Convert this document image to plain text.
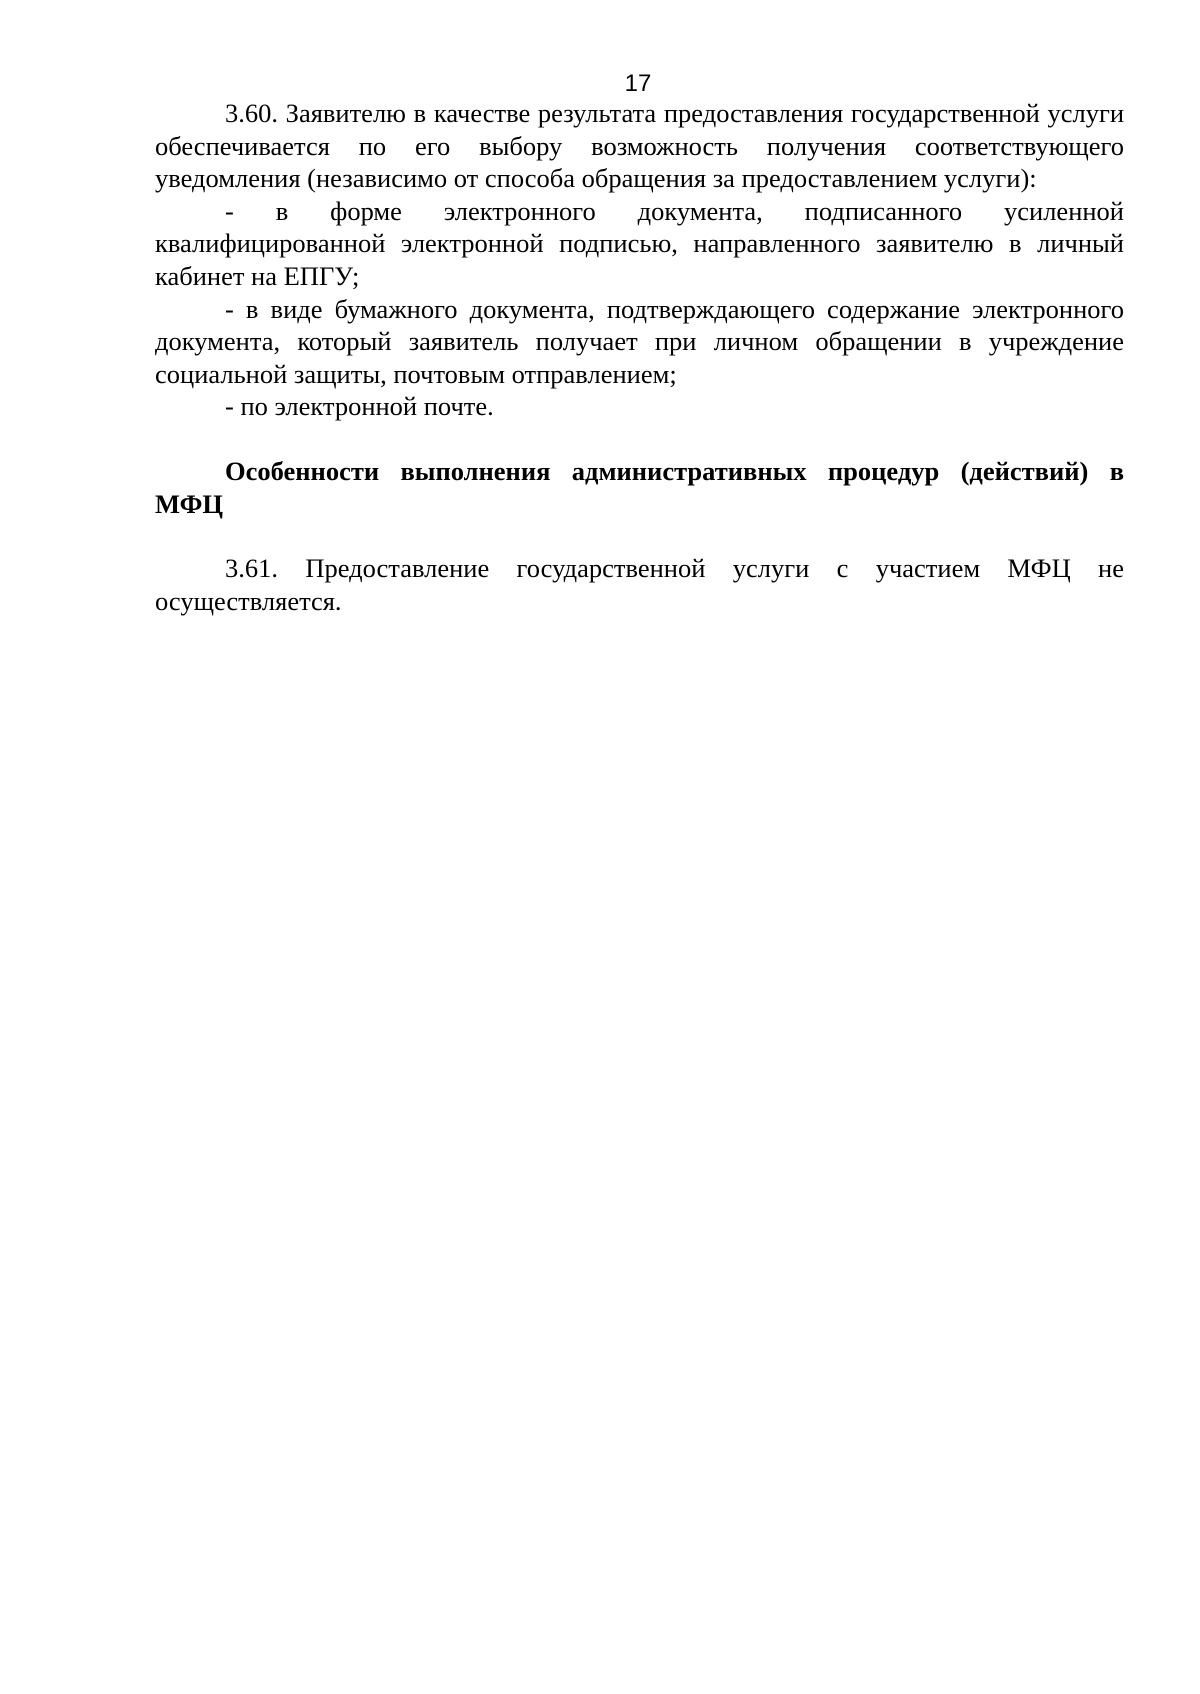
17

3.60. Заявителю в качестве результата предоставления государственной услуги обеспечивается по его выбору возможность получения соответствующего уведомления (независимо от способа обращения за предоставлением услуги):

- в форме электронного документа, подписанного усиленной квалифицированной электронной подписью, направленного заявителю в личный кабинет на ЕПГУ;

- в виде бумажного документа, подтверждающего содержание электронного документа, который заявитель получает при личном обращении в учреждение социальной защиты, почтовым отправлением;

- по электронной почте.

Особенности выполнения административных процедур (действий) в МФЦ

3.61. Предоставление государственной услуги с участием МФЦ не осуществляется.
